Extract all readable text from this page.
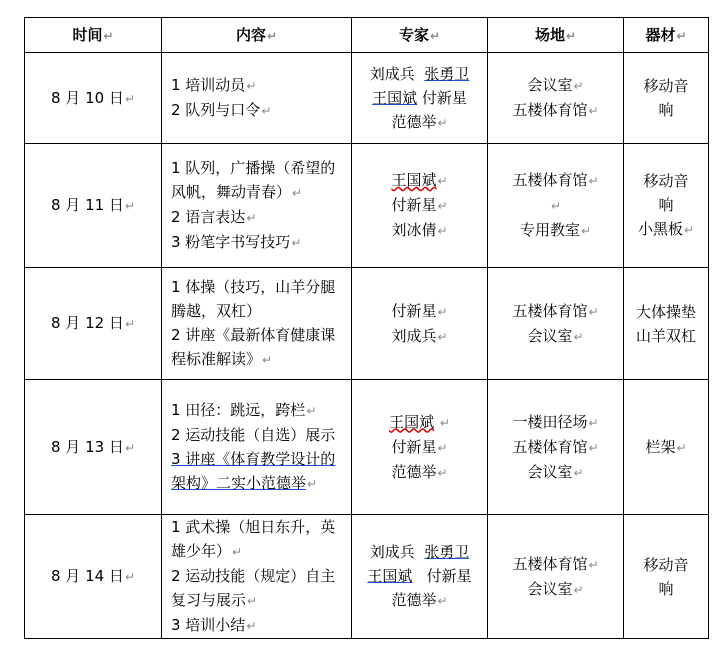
时间↵	内容↵	专家↵	场地↵	器材↵
8 月 10 日↵	1 培训动员↵
2 队列与口令↵	刘成兵 张勇卫
王国斌 付新星
范德举↵	会议室↵
五楼体育馆↵	移动音响
8 月 11 日↵	1 队列，广播操（希望的风帆，舞动青春）↵
2 语言表达↵
3 粉笔字书写技巧↵	王国斌↵
付新星↵
刘冰倩↵	五楼体育馆↵
↵
专用教室↵	移动音响
小黑板↵

8 月 12 日↵	1 体操（技巧，山羊分腿腾越，双杠）
2 讲座《最新体育健康课程标准解读》↵	付新星↵
刘成兵↵	五楼体育馆↵
会议室↵	大体操垫 山羊双杠
8 月 13 日↵	1 田径：跳远，跨栏↵
2 运动技能（自选）展示
3 讲座《体育教学设计的架构》二实小范德举↵	王国斌 ↵
付新星↵
范德举↵	一楼田径场↵
五楼体育馆↵
会议室↵	栏架↵
8 月 14 日↵	1 武术操（旭日东升，英雄少年）↵
2 运动技能（规定）自主复习与展示↵
3 培训小结↵	刘成兵 张勇卫
王国斌 付新星
范德举↵	五楼体育馆↵
会议室↵	移动音响
